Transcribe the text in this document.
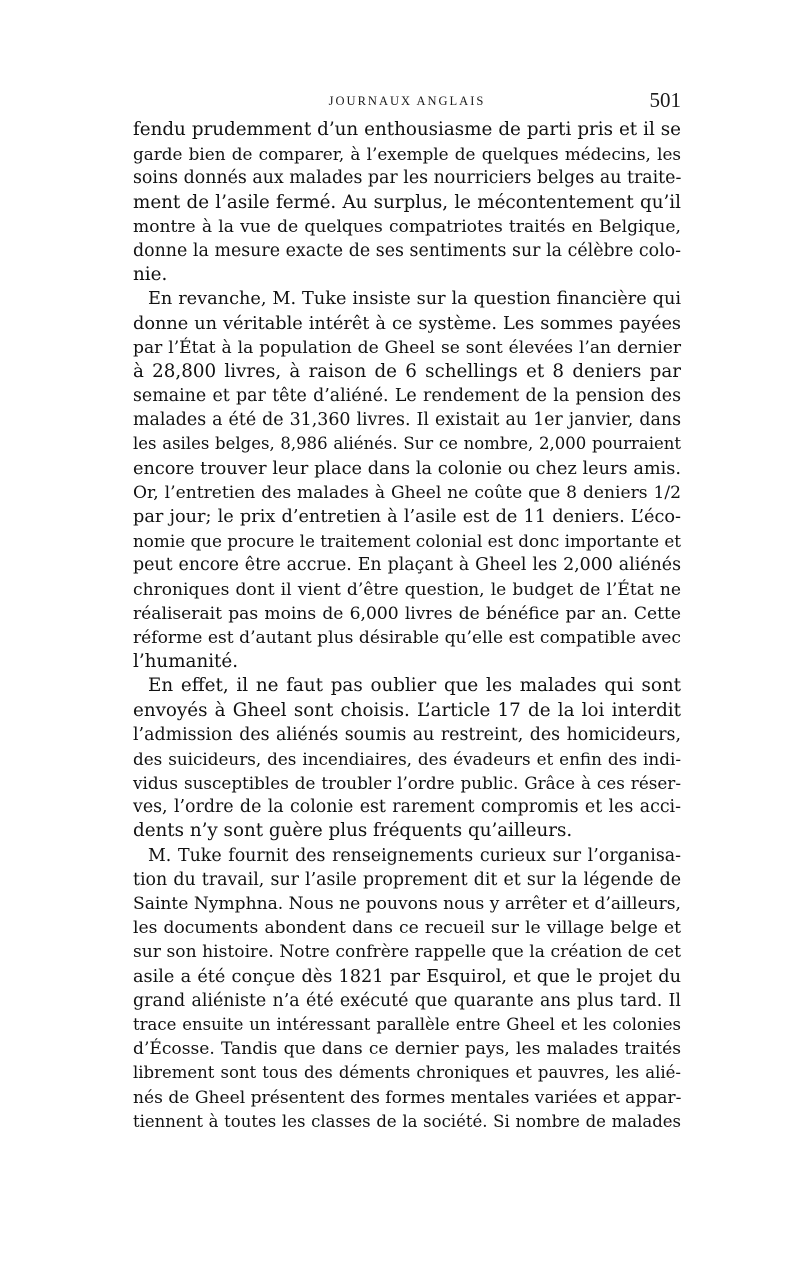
JOURNAUX ANGLAIS	501
fendu prudemment d’un enthousiasme de parti pris et il se
garde bien de comparer, à l’exemple de quelques médecins, les
soins donnés aux malades par les nourriciers belges au traite-
ment de l’asile fermé. Au surplus, le mécontentement qu’il
montre à la vue de quelques compatriotes traités en Belgique,
donne la mesure exacte de ses sentiments sur la célèbre colo-
nie.
En revanche, M. Tuke insiste sur la question financière qui
donne un véritable intérêt à ce système. Les sommes payées
par l’État à la population de Gheel se sont élevées l’an dernier
à 28,800 livres, à raison de 6 schellings et 8 deniers par
semaine et par tête d’aliéné. Le rendement de la pension des
malades a été de 31,360 livres. Il existait au 1er janvier, dans
les asiles belges, 8,986 aliénés. Sur ce nombre, 2,000 pourraient
encore trouver leur place dans la colonie ou chez leurs amis.
Or, l’entretien des malades à Gheel ne coûte que 8 deniers 1/2
par jour; le prix d’entretien à l’asile est de 11 deniers. L’éco-
nomie que procure le traitement colonial est donc importante et
peut encore être accrue. En plaçant à Gheel les 2,000 aliénés
chroniques dont il vient d’être question, le budget de l’État ne
réaliserait pas moins de 6,000 livres de bénéfice par an. Cette
réforme est d’autant plus désirable qu’elle est compatible avec
l’humanité.
En effet, il ne faut pas oublier que les malades qui sont
envoyés à Gheel sont choisis. L’article 17 de la loi interdit
l’admission des aliénés soumis au restreint, des homicideurs,
des suicideurs, des incendiaires, des évadeurs et enfin des indi-
vidus susceptibles de troubler l’ordre public. Grâce à ces réser-
ves, l’ordre de la colonie est rarement compromis et les acci-
dents n’y sont guère plus fréquents qu’ailleurs.
M. Tuke fournit des renseignements curieux sur l’organisa-
tion du travail, sur l’asile proprement dit et sur la légende de
Sainte Nymphna. Nous ne pouvons nous y arrêter et d’ailleurs,
les documents abondent dans ce recueil sur le village belge et
sur son histoire. Notre confrère rappelle que la création de cet
asile a été conçue dès 1821 par Esquirol, et que le projet du
grand aliéniste n’a été exécuté que quarante ans plus tard. Il
trace ensuite un intéressant parallèle entre Gheel et les colonies
d’Écosse. Tandis que dans ce dernier pays, les malades traités
librement sont tous des déments chroniques et pauvres, les alié-
nés de Gheel présentent des formes mentales variées et appar-
tiennent à toutes les classes de la société. Si nombre de malades
